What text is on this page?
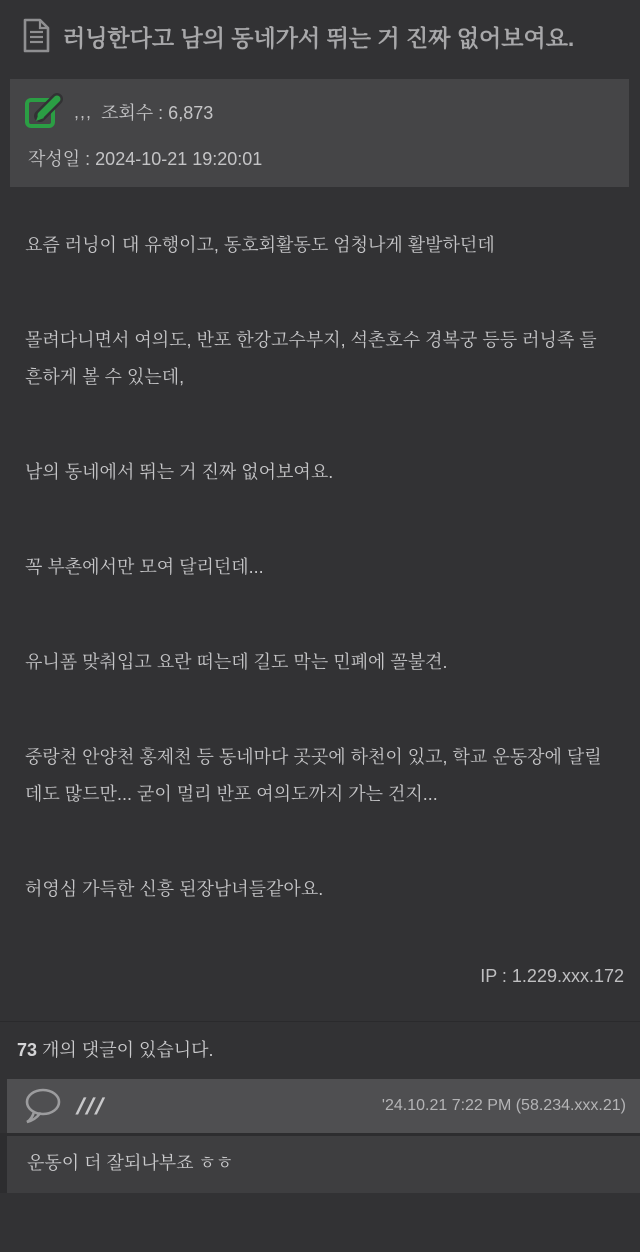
러닝한다고 남의 동네가서 뛰는 거 진짜 없어보여요.
,,, 조회수 : 6,873
작성일 : 2024-10-21 19:20:01

요즘 러닝이 대 유행이고, 동호회활동도 엄청나게 활발하던데

몰려다니면서 여의도, 반포 한강고수부지, 석촌호수 경복궁 등등 러닝족 들 흔하게 볼 수 있는데,

남의 동네에서 뛰는 거 진짜 없어보여요.

꼭 부촌에서만 모여 달리던데...

유니폼 맞춰입고 요란 떠는데 길도 막는 민폐에 꼴불견.

중랑천 안양천 홍제천 등 동네마다 곳곳에 하천이 있고, 학교 운동장에 달릴데도 많드만... 굳이 멀리 반포 여의도까지 가는 건지...

허영심 가득한 신흥 된장남녀들같아요.

IP : 1.229.xxx.172
73 개의 댓글이 있습니다.
///	'24.10.21 7:22 PM (58.234.xxx.21)
운동이 더 잘되나부죠 ㅎㅎ
